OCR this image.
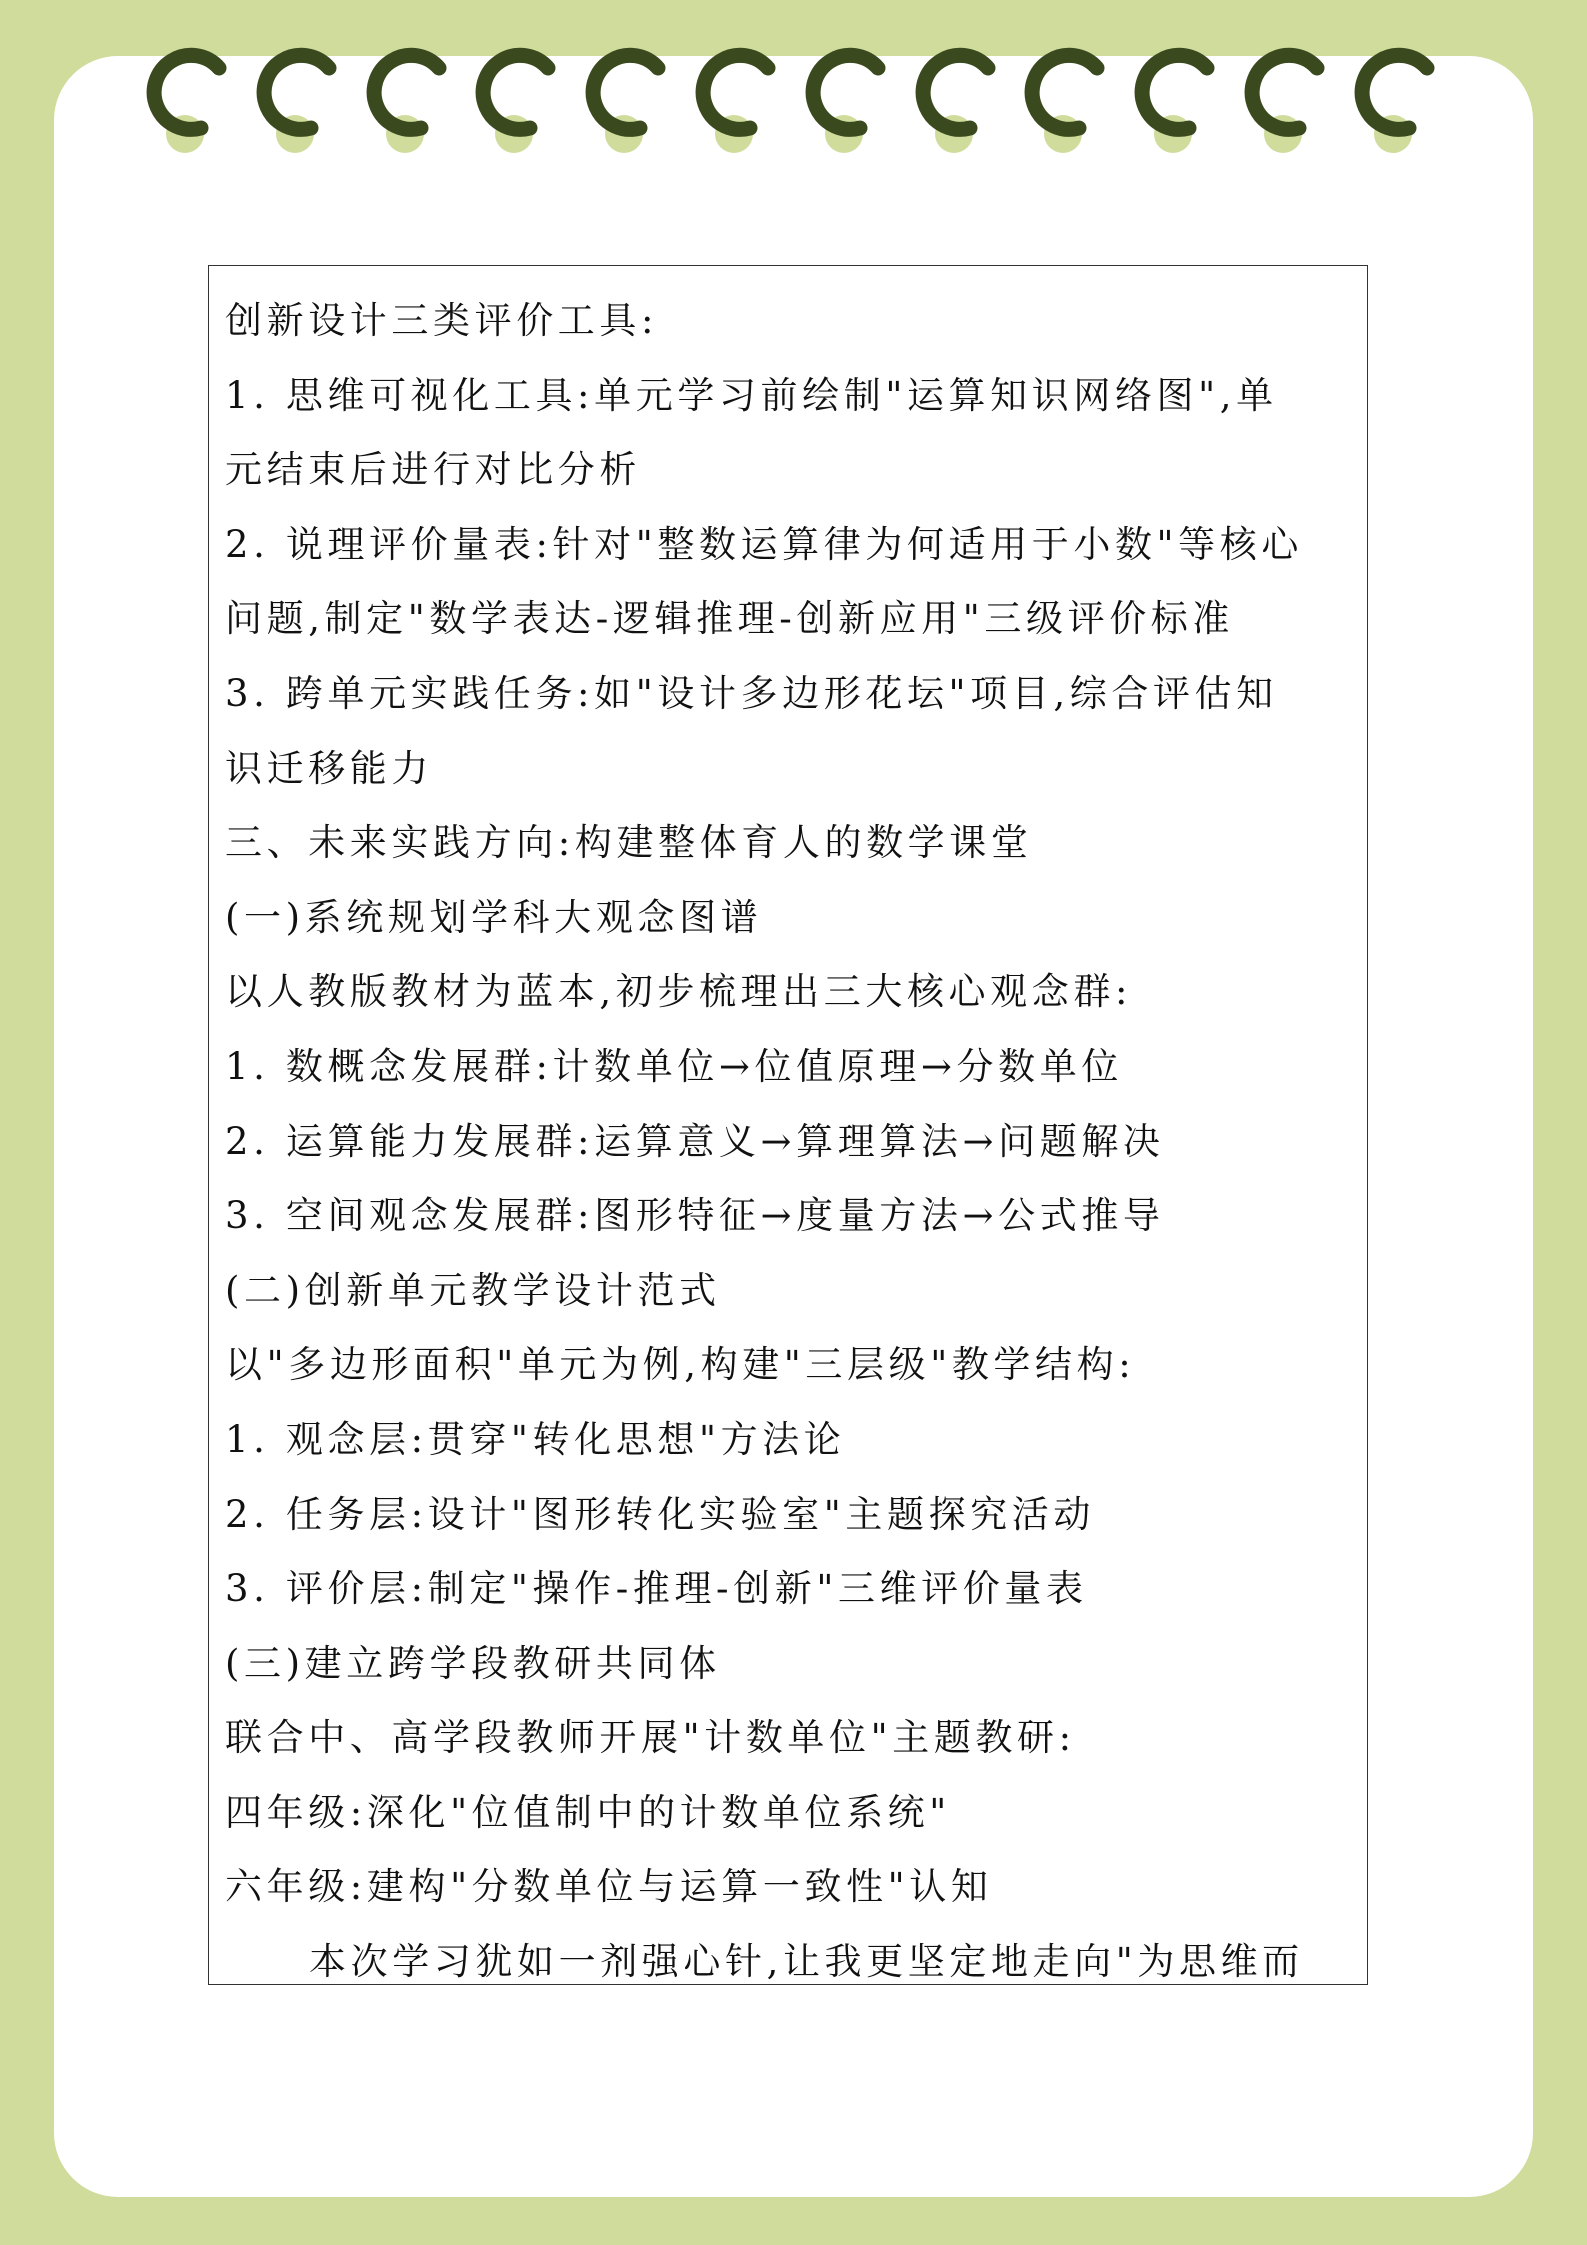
创新设计三类评价工具:
1. 思维可视化工具:单元学习前绘制"运算知识网络图",单
元结束后进行对比分析
2. 说理评价量表:针对"整数运算律为何适用于小数"等核心
问题,制定"数学表达-逻辑推理-创新应用"三级评价标准
3. 跨单元实践任务:如"设计多边形花坛"项目,综合评估知
识迁移能力
三、未来实践方向:构建整体育人的数学课堂
(一)系统规划学科大观念图谱
以人教版教材为蓝本,初步梳理出三大核心观念群:
1. 数概念发展群:计数单位→位值原理→分数单位
2. 运算能力发展群:运算意义→算理算法→问题解决
3. 空间观念发展群:图形特征→度量方法→公式推导
(二)创新单元教学设计范式
以"多边形面积"单元为例,构建"三层级"教学结构:
1. 观念层:贯穿"转化思想"方法论
2. 任务层:设计"图形转化实验室"主题探究活动
3. 评价层:制定"操作-推理-创新"三维评价量表
(三)建立跨学段教研共同体
联合中、高学段教师开展"计数单位"主题教研:
四年级:深化"位值制中的计数单位系统"
六年级:建构"分数单位与运算一致性"认知
本次学习犹如一剂强心针,让我更坚定地走向"为思维而
